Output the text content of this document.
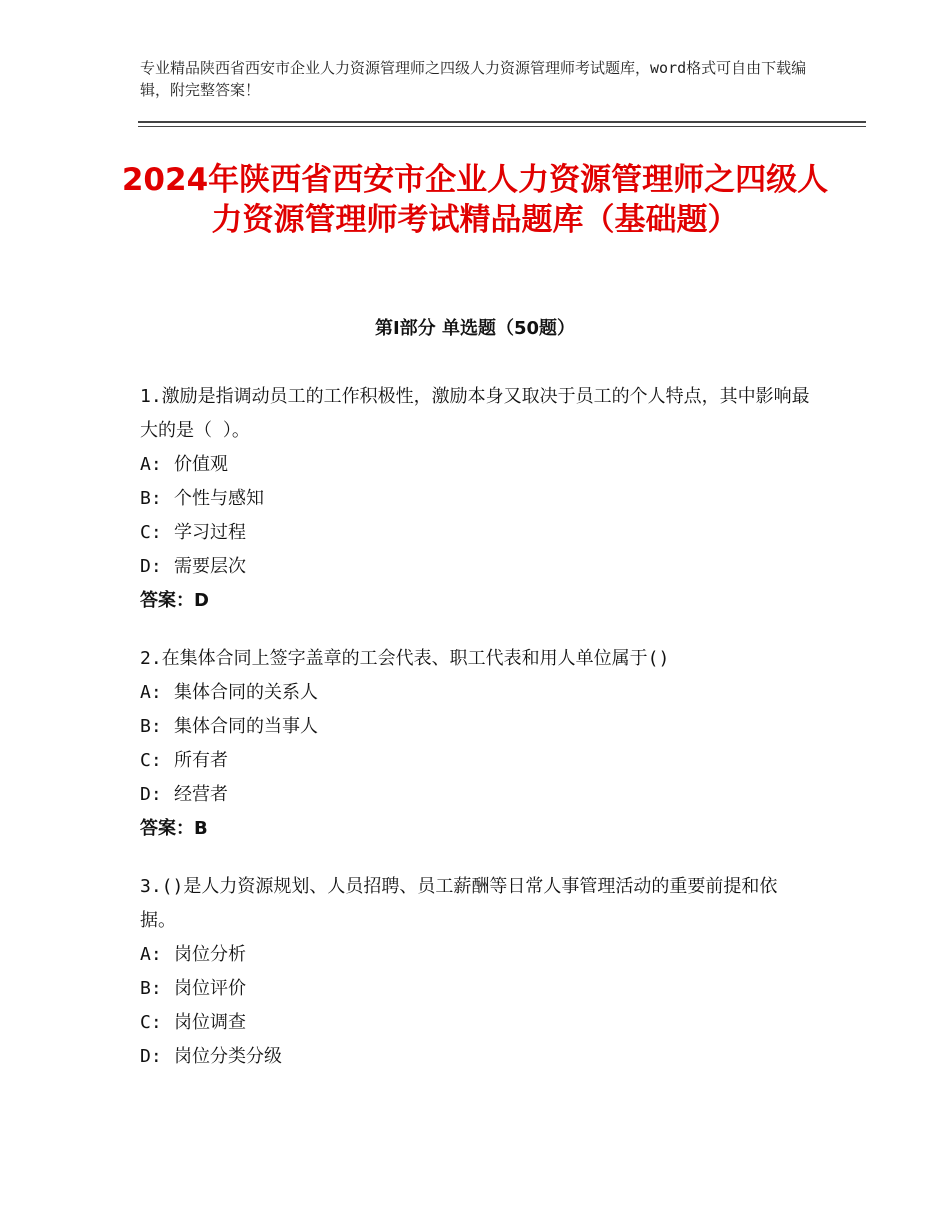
专业精品陕西省西安市企业人力资源管理师之四级人力资源管理师考试题库，word格式可自由下载编辑，附完整答案！
2024年陕西省西安市企业人力资源管理师之四级人力资源管理师考试精品题库（基础题）
第Ⅰ部分 单选题（50题）
1.激励是指调动员工的工作积极性，激励本身又取决于员工的个人特点，其中影响最大的是（ ）。
A: 价值观
B: 个性与感知
C: 学习过程
D: 需要层次
答案：D
2.在集体合同上签字盖章的工会代表、职工代表和用人单位属于()
A: 集体合同的关系人
B: 集体合同的当事人
C: 所有者
D: 经营者
答案：B
3.()是人力资源规划、人员招聘、员工薪酬等日常人事管理活动的重要前提和依据。
A: 岗位分析
B: 岗位评价
C: 岗位调查
D: 岗位分类分级
